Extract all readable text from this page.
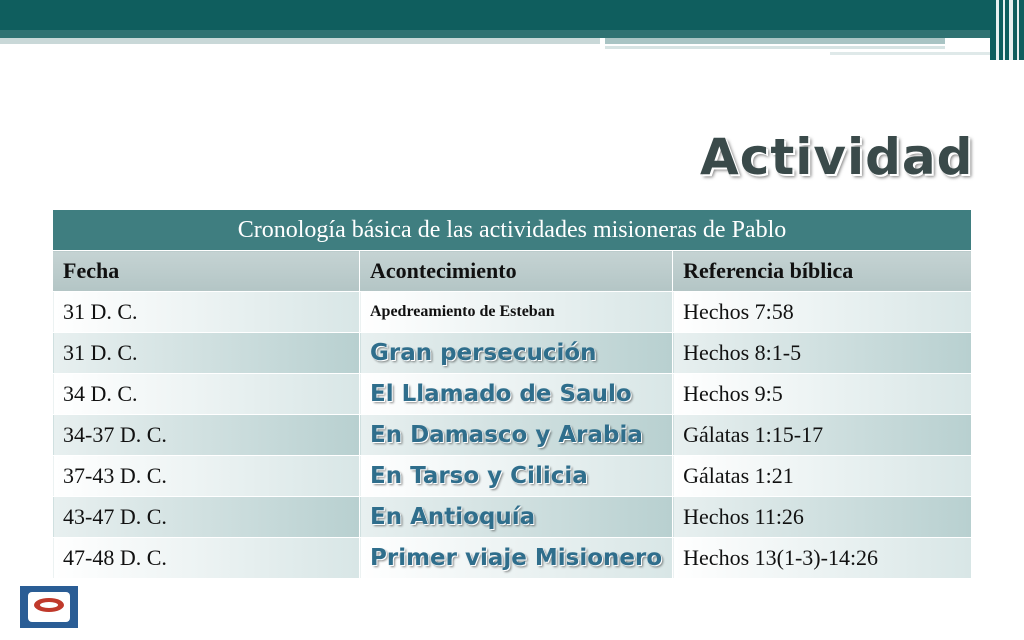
Actividad
Cronología básica de las actividades misioneras de Pablo		
Fecha	Acontecimiento	Referencia bíblica
31 D. C.	Apedreamiento de Esteban	Hechos 7:58
31 D. C.	Gran persecución	Hechos 8:1-5
34 D. C.	El Llamado de Saulo	Hechos 9:5
34-37 D. C.	En Damasco y Arabia	Gálatas 1:15-17
37-43 D. C.	En Tarso y Cilicia	Gálatas 1:21
43-47 D. C.	En Antioquía	Hechos 11:26
47-48 D. C.	Primer viaje Misionero	Hechos 13(1-3)-14:26
